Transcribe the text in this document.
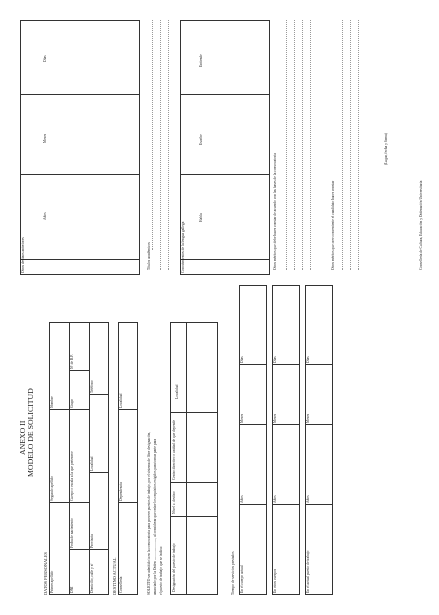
ANEXO II MODELO DE SOLICITUD
DATOS PERSONALES Primer apellido
Segundo apellido
Nombre
DNI
Fecha de nacimiento
Cuerpo o escala a la que pertenece
Grupo
Nº de R.P.
Domicilio, calle y nº
Provincia
Localidad
Teléfono
DESTINO ACTUAL Consellería
Dependencia
Localidad
SOLICITO ser admitido/a en la convocatoria para proveer puestos de trabajo, por el sistema de libre designación, anunciado por la Orden ........................, al considerar que reúne los requisitos exigidos para tomar parte para el puesto de trabajo que se indica:	Designación del puesto de trabajo
Nivel c. destino
Centro directivo o unidad de que depende
Localidad
Tiempo de servicios prestados En el cuerpo actual
Años
Meses
Días
En otros cuerpos
Años
Meses
Días
En el actual puesto de trabajo
Años
Meses
Días
Otros destinos anteriores
Años
Meses
Días
Títulos académicos	Conocimientos de la lengua gallega
Habla
Escribe
Entiende
Otros méritos que debe hacer constar de acuerdo con las bases de la convocatoria	Otros méritos que cree conveniente el candidato hacer constar
(Lugar, fecha y firma)
Consellería de Cultura, Educación y Ordenación Universitaria
